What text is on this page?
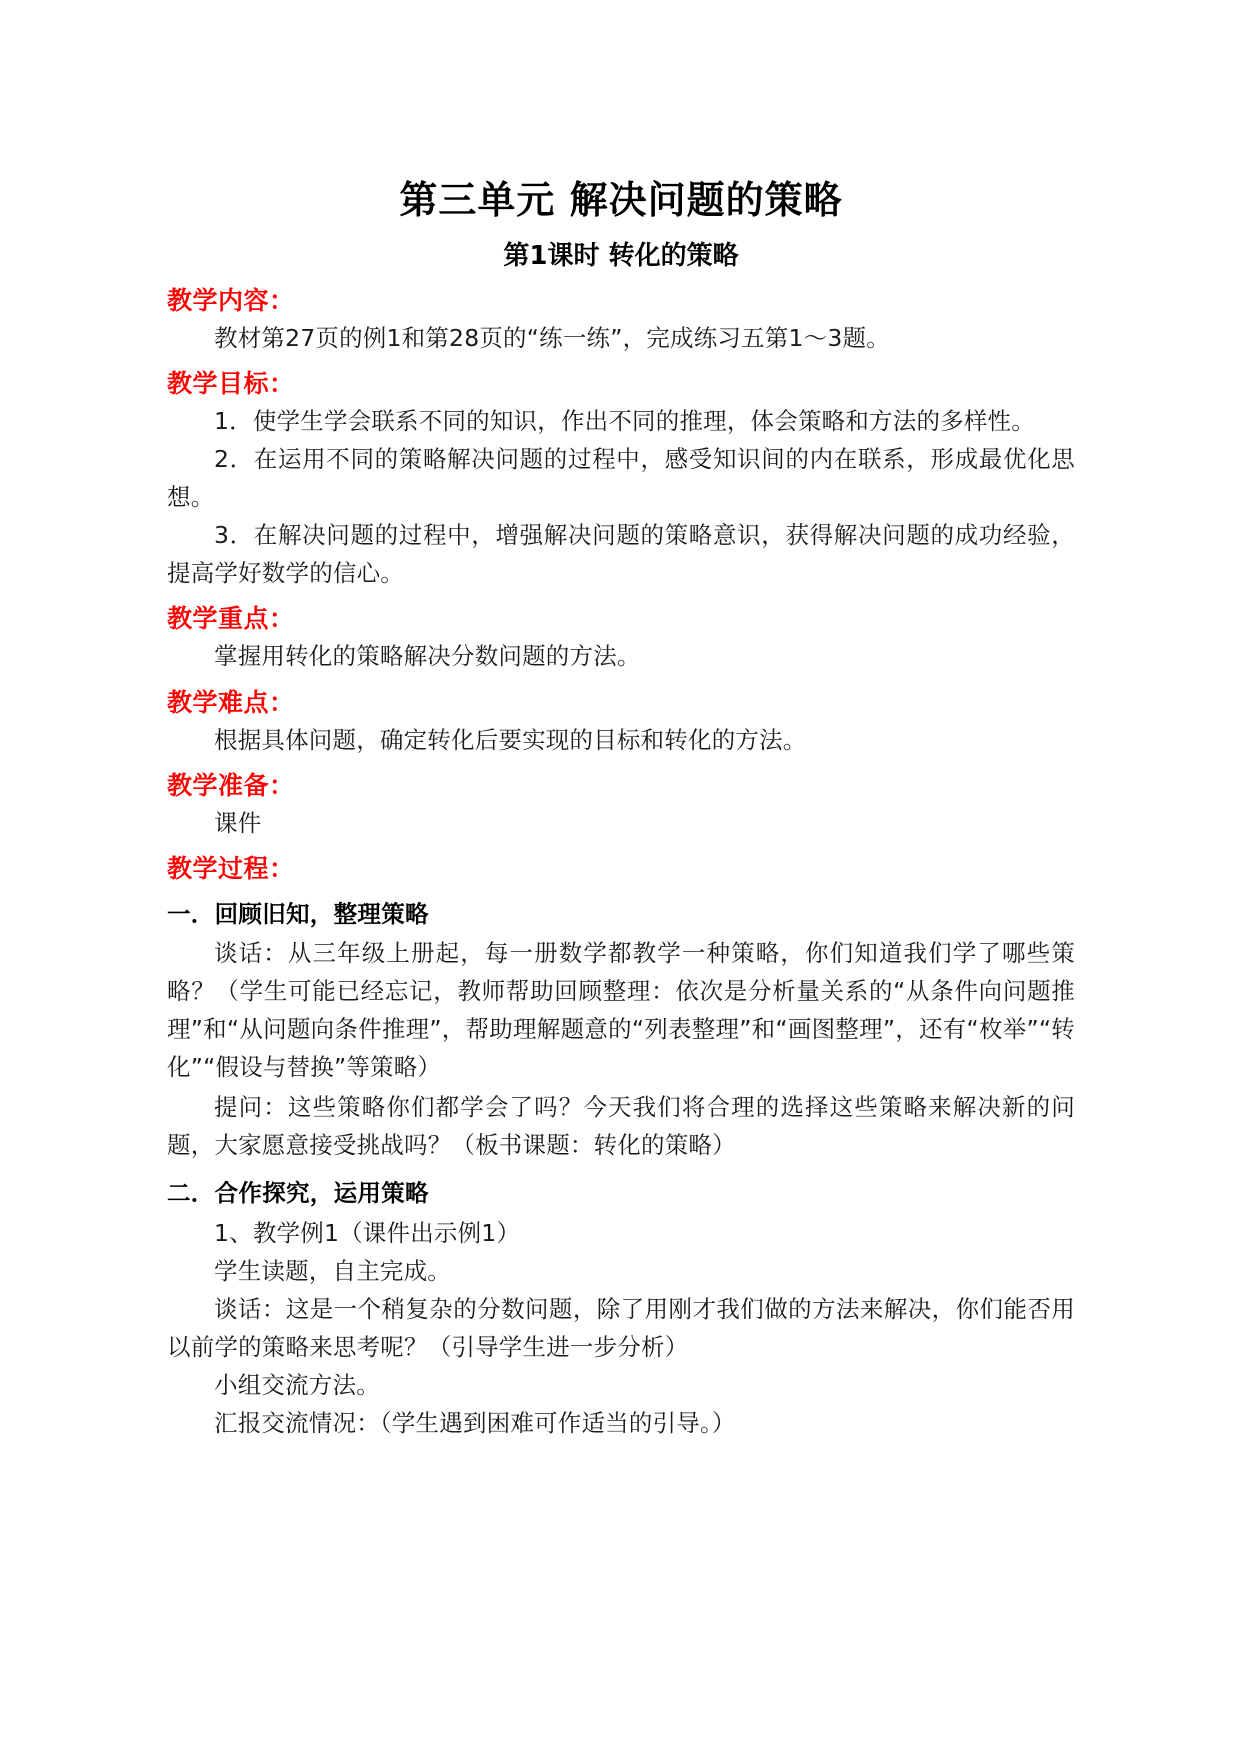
第三单元 解决问题的策略
第1课时 转化的策略
教学内容：

教材第27页的例1和第28页的“练一练”，完成练习五第1～3题。

教学目标：

1．使学生学会联系不同的知识，作出不同的推理，体会策略和方法的多样性。

2．在运用不同的策略解决问题的过程中，感受知识间的内在联系，形成最优化思想。

3．在解决问题的过程中，增强解决问题的策略意识，获得解决问题的成功经验，提高学好数学的信心。

教学重点：

掌握用转化的策略解决分数问题的方法。

教学难点：

根据具体问题，确定转化后要实现的目标和转化的方法。

教学准备：

课件

教学过程：
一．回顾旧知，整理策略

谈话：从三年级上册起，每一册数学都教学一种策略，你们知道我们学了哪些策略？（学生可能已经忘记，教师帮助回顾整理：依次是分析量关系的“从条件向问题推理”和“从问题向条件推理”，帮助理解题意的“列表整理”和“画图整理”，还有“枚举”“转化”“假设与替换”等策略）

提问：这些策略你们都学会了吗？今天我们将合理的选择这些策略来解决新的问题，大家愿意接受挑战吗？（板书课题：转化的策略）

二．合作探究，运用策略

1、教学例1（课件出示例1）

学生读题，自主完成。

谈话：这是一个稍复杂的分数问题，除了用刚才我们做的方法来解决，你们能否用以前学的策略来思考呢？（引导学生进一步分析）

小组交流方法。

汇报交流情况：（学生遇到困难可作适当的引导。）
